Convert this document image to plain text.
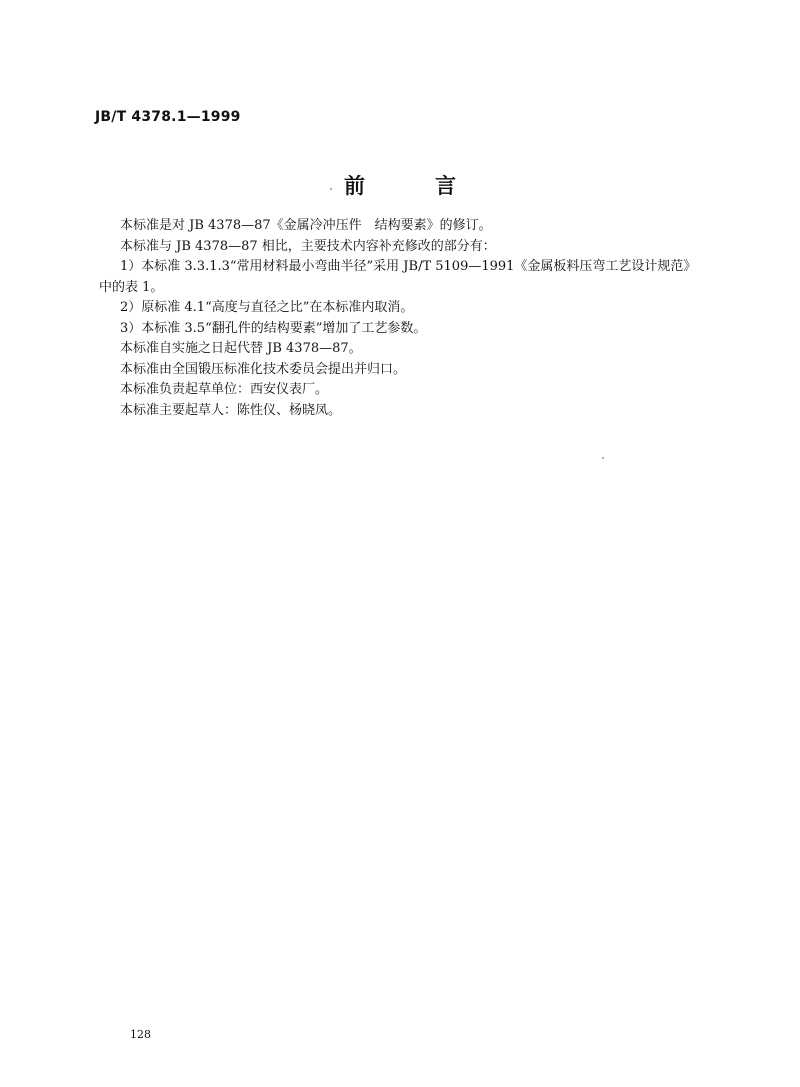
JB/T 4378.1—1999
前	言

本标准是对 JB 4378—87《金属冷冲压件　结构要素》的修订。

本标准与 JB 4378—87 相比，主要技术内容补充修改的部分有：

1）本标准 3.3.1.3“常用材料最小弯曲半径”采用 JB/T 5109—1991《金属板料压弯工艺设计规范》

中的表 1。

2）原标准 4.1“高度与直径之比”在本标准内取消。

3）本标准 3.5“翻孔件的结构要素”增加了工艺参数。

本标准自实施之日起代替 JB 4378—87。

本标准由全国锻压标准化技术委员会提出并归口。

本标准负责起草单位：西安仪表厂。

本标准主要起草人：陈性仪、杨晓凤。

128
